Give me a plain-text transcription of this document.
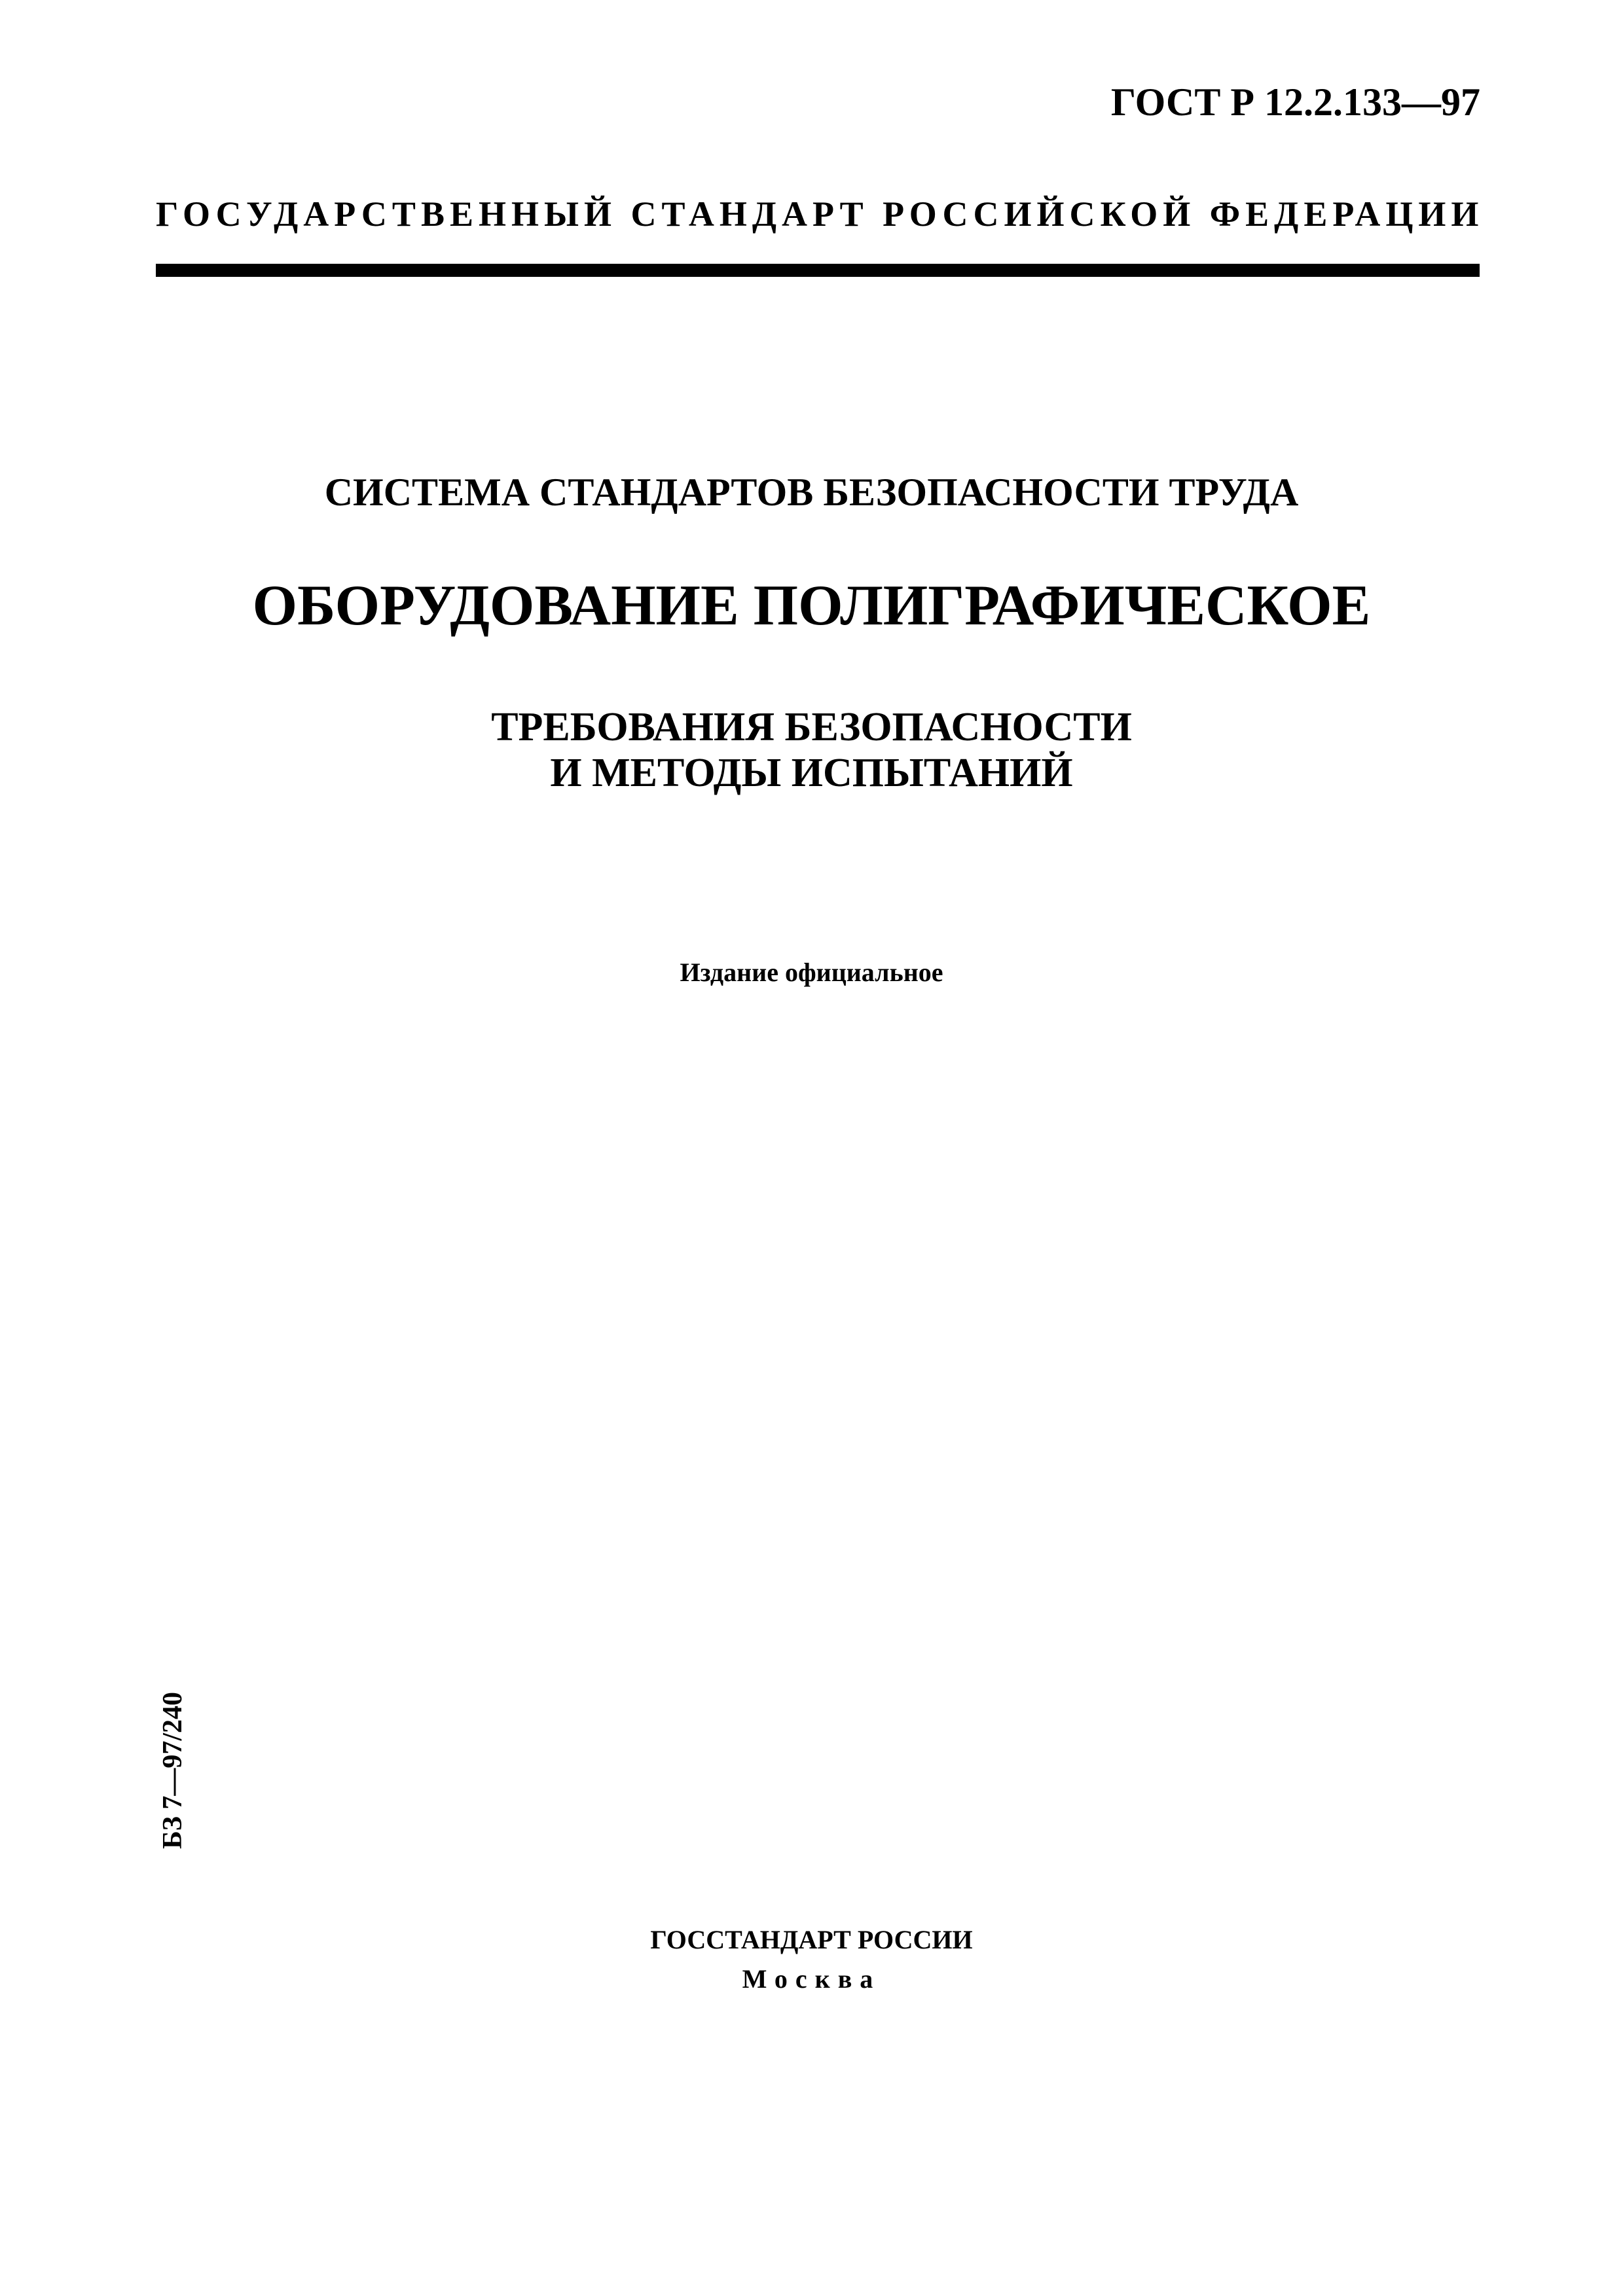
ГОСТ Р 12.2.133—97
ГОСУДАРСТВЕННЫЙ СТАНДАРТ РОССИЙСКОЙ ФЕДЕРАЦИИ
СИСТЕМА СТАНДАРТОВ БЕЗОПАСНОСТИ ТРУДА
ОБОРУДОВАНИЕ ПОЛИГРАФИЧЕСКОЕ
ТРЕБОВАНИЯ БЕЗОПАСНОСТИ
И МЕТОДЫ ИСПЫТАНИЙ
Издание официальное
БЗ 7—97/240
ГОССТАНДАРТ РОССИИ
Москва
